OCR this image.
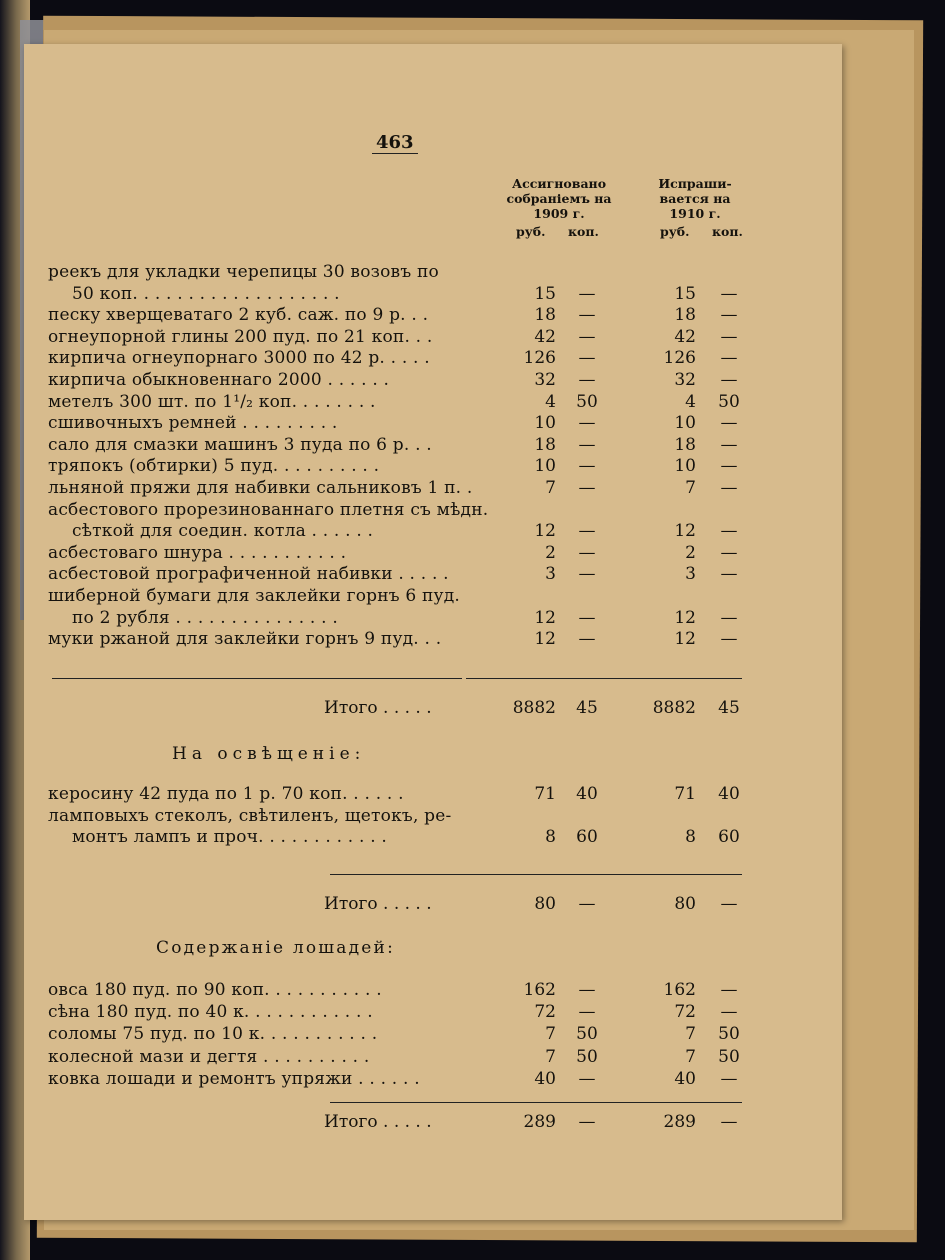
463
Ассигновано собраніемъ на 1909 г.
Испраши-вается на 1910 г.
руб. коп.	руб. коп.
реекъ для укладки черепицы 30 возовъ по
50 коп. . . . . . . . . . . . . . . . . . .	15	—	15	—
песку хверщеватаго 2 куб. саж. по 9 р. . .	18	—	18	—
огнеупорной глины 200 пуд. по 21 коп. . .	42	—	42	—
кирпича огнеупорнаго 3000 по 42 р. . . . .	126	—	126	—
кирпича обыкновеннаго 2000 . . . . . .	32	—	32	—
метелъ 300 шт. по 1¹/₂ коп. . . . . . . .	4 50	4 50
сшивочныхъ ремней . . . . . . . . .	10	—	10	—
сало для смазки машинъ 3 пуда по 6 р. . .	18	—	18	—
тряпокъ (обтирки) 5 пуд. . . . . . . . . .	10	—	10	—
льняной пряжи для набивки сальниковъ 1 п. .	7	—	7	—
асбестового прорезинованнаго плетня съ мѣдн.
сѣткой для соедин. котла . . . . . .	12	—	12	—
асбестоваго шнура . . . . . . . . . . .	2	—	2	—
асбестовой прографиченной набивки . . . . .	3	—	3	—
шиберной бумаги для заклейки горнъ 6 пуд.
по 2 рубля . . . . . . . . . . . . . . .	12	—	12	—
муки ржаной для заклейки горнъ 9 пуд. . .	12	—	12	—
Итого . . . . .	8882 45	8882 45
На освѣщеніе:
керосину 42 пуда по 1 р. 70 коп. . . . . .	71 40	71 40
ламповыхъ стеколъ, свѣтиленъ, щетокъ, ре-
монтъ лампъ и проч. . . . . . . . . . . .	8 60	8 60
Итого . . . . .	80	—	80	—
Содержаніе лошадей:
овса 180 пуд. по 90 коп. . . . . . . . . . .	162	—	162	—
сѣна 180 пуд. по 40 к. . . . . . . . . . . .	72	—	72	—
соломы 75 пуд. по 10 к. . . . . . . . . . .	7 50	7 50
колесной мази и дегтя . . . . . . . . . .	7 50	7 50
ковка лошади и ремонтъ упряжи . . . . . .	40	—	40	—
Итого . . . . .	289	—	289	—
